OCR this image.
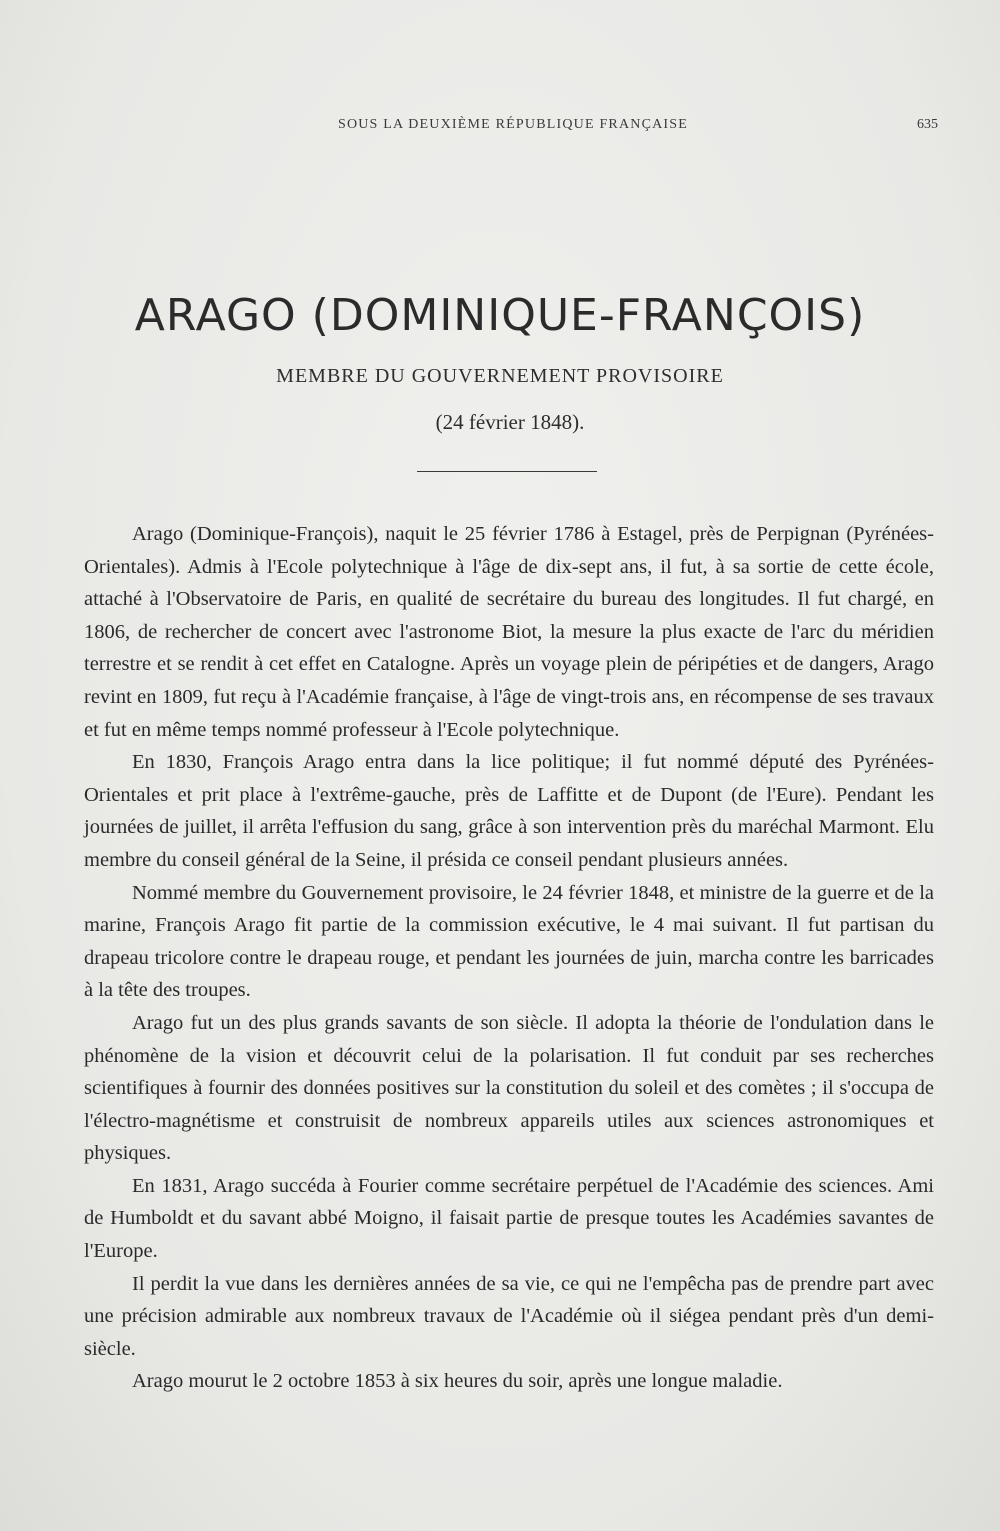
SOUS LA DEUXIÈME RÉPUBLIQUE FRANÇAISE	635
ARAGO (DOMINIQUE-FRANÇOIS)
MEMBRE DU GOUVERNEMENT PROVISOIRE
(24 février 1848).

Arago (Dominique-François), naquit le 25 février 1786 à Estagel, près de Perpignan (Pyrénées-Orientales). Admis à l'Ecole polytechnique à l'âge de dix-sept ans, il fut, à sa sortie de cette école, attaché à l'Observatoire de Paris, en qualité de secrétaire du bureau des longitudes. Il fut chargé, en 1806, de rechercher de concert avec l'astronome Biot, la mesure la plus exacte de l'arc du méridien terrestre et se rendit à cet effet en Catalogne. Après un voyage plein de péripéties et de dangers, Arago revint en 1809, fut reçu à l'Académie française, à l'âge de vingt-trois ans, en récompense de ses travaux et fut en même temps nommé professeur à l'Ecole polytechnique.

En 1830, François Arago entra dans la lice politique; il fut nommé député des Pyrénées-Orientales et prit place à l'extrême-gauche, près de Laffitte et de Dupont (de l'Eure). Pendant les journées de juillet, il arrêta l'effusion du sang, grâce à son intervention près du maréchal Marmont. Elu membre du conseil général de la Seine, il présida ce conseil pendant plusieurs années.

Nommé membre du Gouvernement provisoire, le 24 février 1848, et ministre de la guerre et de la marine, François Arago fit partie de la commission exécutive, le 4 mai suivant. Il fut partisan du drapeau tricolore contre le drapeau rouge, et pendant les journées de juin, marcha contre les barricades à la tête des troupes.

Arago fut un des plus grands savants de son siècle. Il adopta la théorie de l'ondulation dans le phénomène de la vision et découvrit celui de la polarisation. Il fut conduit par ses recherches scientifiques à fournir des données positives sur la constitution du soleil et des comètes ; il s'occupa de l'électro-magnétisme et construisit de nombreux appareils utiles aux sciences astronomiques et physiques.

En 1831, Arago succéda à Fourier comme secrétaire perpétuel de l'Académie des sciences. Ami de Humboldt et du savant abbé Moigno, il faisait partie de presque toutes les Académies savantes de l'Europe.

Il perdit la vue dans les dernières années de sa vie, ce qui ne l'empêcha pas de prendre part avec une précision admirable aux nombreux travaux de l'Académie où il siégea pendant près d'un demi-siècle.

Arago mourut le 2 octobre 1853 à six heures du soir, après une longue maladie.
